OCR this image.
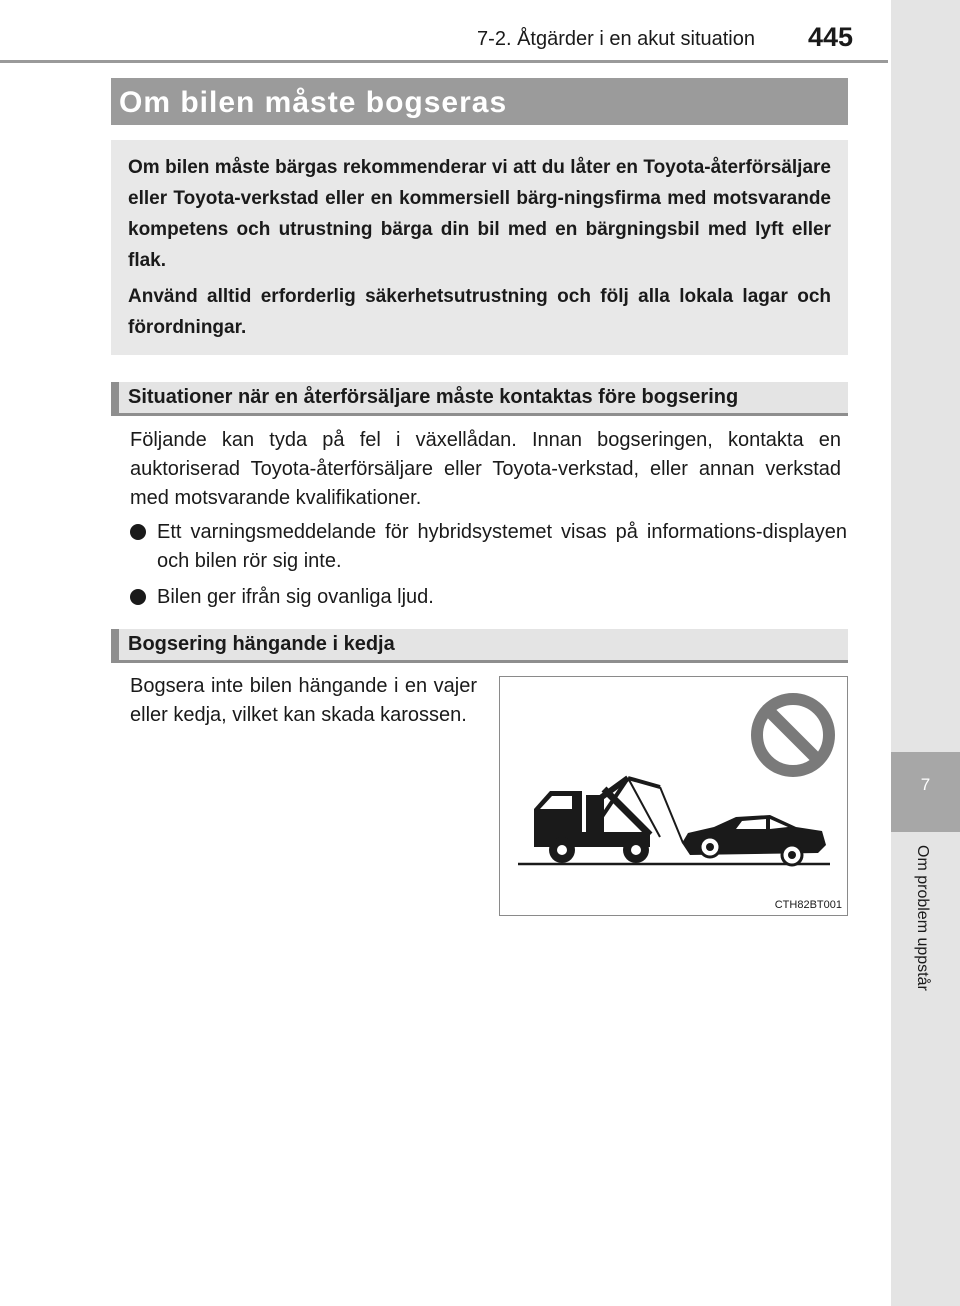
7-2. Åtgärder i en akut situation 445
7
Om problem uppstår
Om bilen måste bogseras

Om bilen måste bärgas rekommenderar vi att du låter en Toyota-återförsäljare eller Toyota-verkstad eller en kommersiell bärg-ningsfirma med motsvarande kompetens och utrustning bärga din bil med en bärgningsbil med lyft eller flak.

Använd alltid erforderlig säkerhetsutrustning och följ alla lokala lagar och förordningar.

Situationer när en återförsäljare måste kontaktas före bogsering

Följande kan tyda på fel i växellådan. Innan bogseringen, kontakta en auktoriserad Toyota-återförsäljare eller Toyota-verkstad, eller annan verkstad med motsvarande kvalifikationer.

Ett varningsmeddelande för hybridsystemet visas på informations-displayen och bilen rör sig inte.
Bilen ger ifrån sig ovanliga ljud.
Bogsering hängande i kedja

Bogsera inte bilen hängande i en vajer eller kedja, vilket kan skada karossen.

CTH82BT001
